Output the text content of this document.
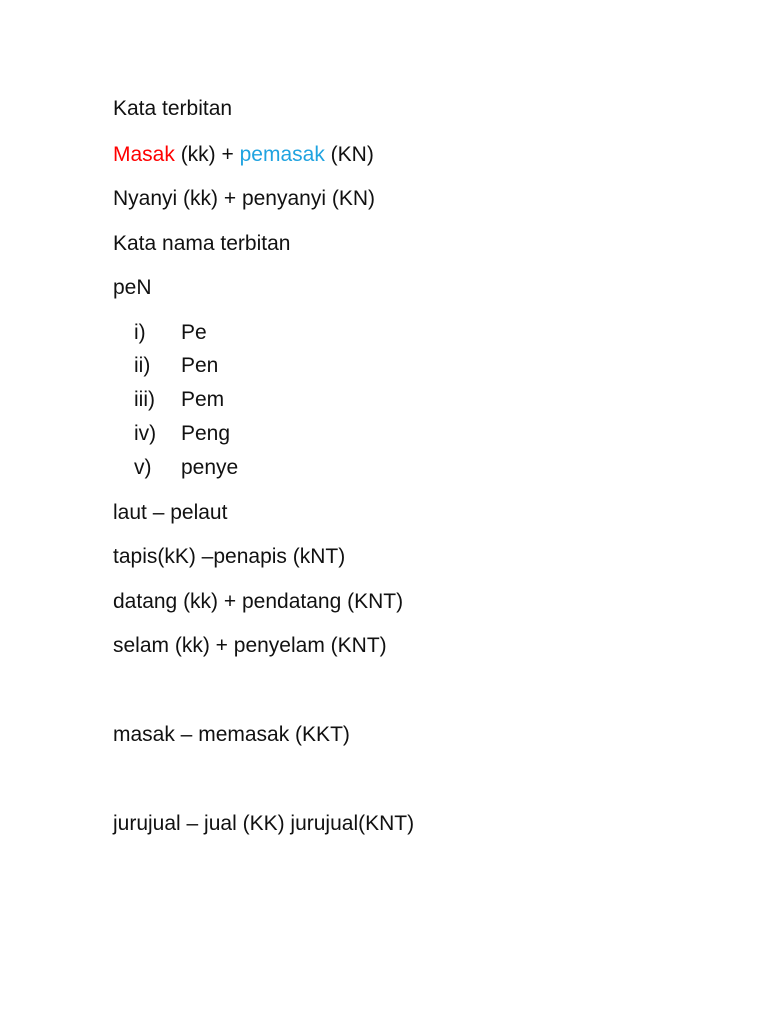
Kata terbitan
Masak (kk) + pemasak (KN)
Nyanyi (kk) + penyanyi (KN)
Kata nama terbitan
peN
i)	Pe
ii)	Pen
iii)	Pem
iv)	Peng
v)	penye
laut – pelaut
tapis(kK) –penapis (kNT)
datang (kk) + pendatang (KNT)
selam (kk) + penyelam (KNT)
masak – memasak (KKT)
jurujual – jual (KK) jurujual(KNT)
